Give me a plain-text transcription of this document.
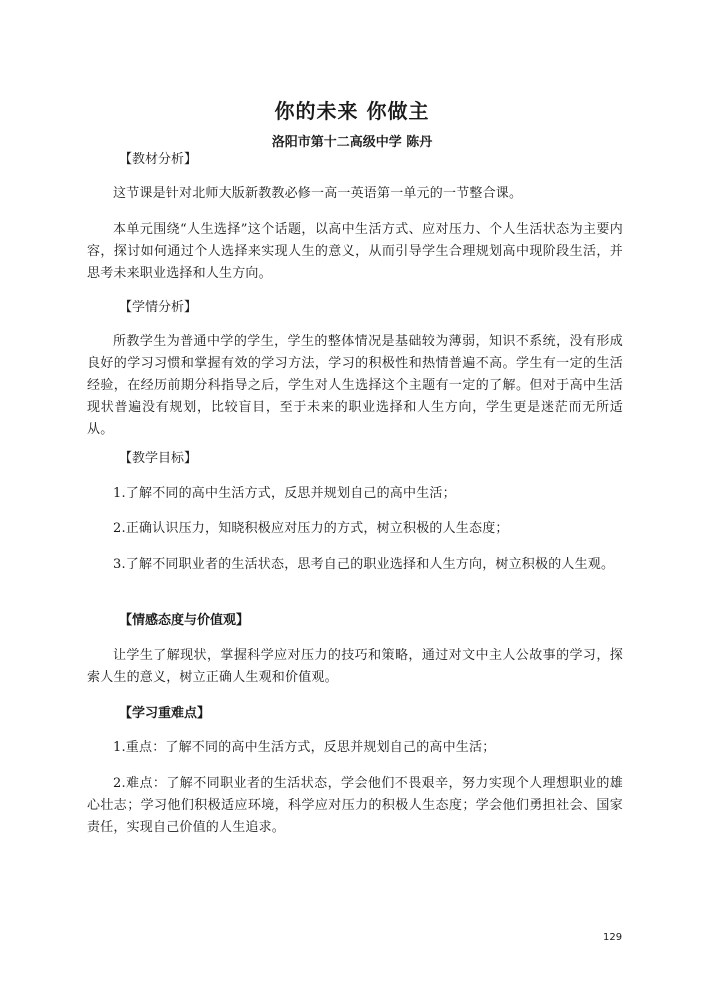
你的未来 你做主
洛阳市第十二高级中学 陈丹
【教材分析】

这节课是针对北师大版新教教必修一高一英语第一单元的一节整合课。

本单元围绕“人生选择”这个话题，以高中生活方式、应对压力、个人生活状态为主要内容，探讨如何通过个人选择来实现人生的意义，从而引导学生合理规划高中现阶段生活，并思考未来职业选择和人生方向。

【学情分析】

所教学生为普通中学的学生，学生的整体情况是基础较为薄弱，知识不系统，没有形成良好的学习习惯和掌握有效的学习方法，学习的积极性和热情普遍不高。学生有一定的生活经验，在经历前期分科指导之后，学生对人生选择这个主题有一定的了解。但对于高中生活现状普遍没有规划，比较盲目，至于未来的职业选择和人生方向，学生更是迷茫而无所适从。

【教学目标】

1.了解不同的高中生活方式，反思并规划自己的高中生活；

2.正确认识压力，知晓积极应对压力的方式，树立积极的人生态度；

3.了解不同职业者的生活状态，思考自己的职业选择和人生方向，树立积极的人生观。

【情感态度与价值观】

让学生了解现状，掌握科学应对压力的技巧和策略，通过对文中主人公故事的学习，探索人生的意义，树立正确人生观和价值观。

【学习重难点】

1.重点：了解不同的高中生活方式，反思并规划自己的高中生活；

2.难点：了解不同职业者的生活状态，学会他们不畏艰辛，努力实现个人理想职业的雄心壮志；学习他们积极适应环境，科学应对压力的积极人生态度；学会他们勇担社会、国家责任，实现自己价值的人生追求。

129
